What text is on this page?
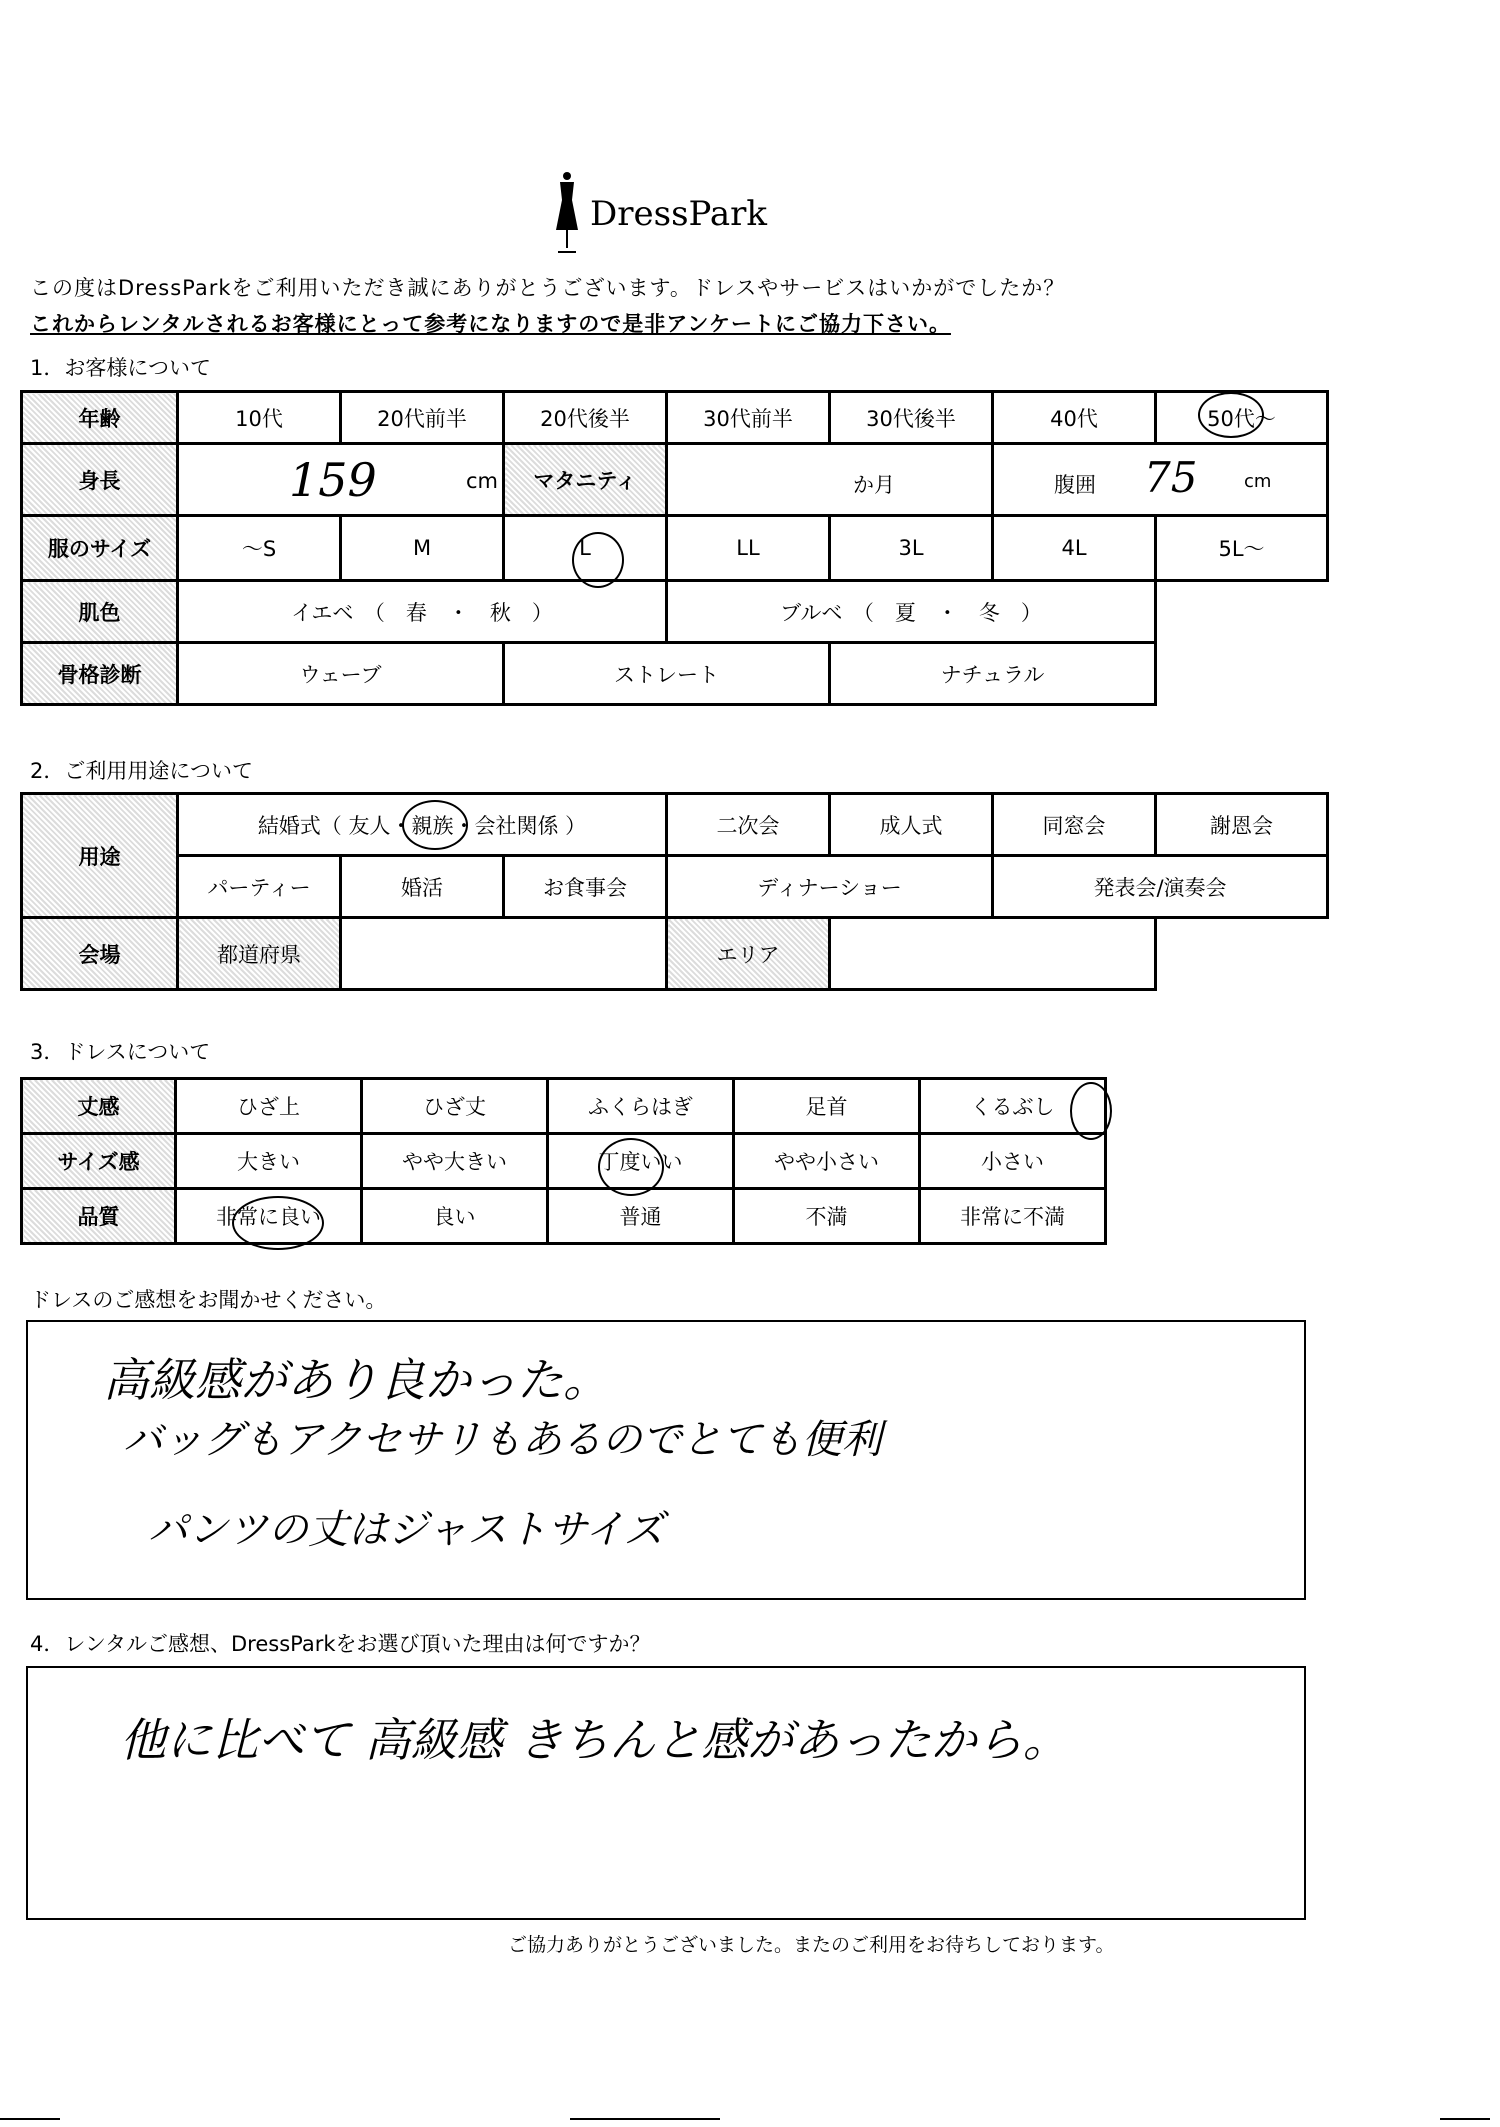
DressPark
この度はDressParkをご利用いただき誠にありがとうございます。ドレスやサービスはいかがでしたか？
これからレンタルされるお客様にとって参考になりますので是非アンケートにご協力下さい。
1．お客様について
年齢	10代	20代前半	20代後半	30代前半	30代後半	40代	50代～
身長	159 cm		マタニティ	か月		腹囲 75 cm	

服のサイズ	～S	M	L	LL	3L	4L	5L～
肌色	イエベ　（　春　・　秋　）			ブルベ　（　夏　・　冬　）			
骨格診断	ウェーブ		ストレート		ナチュラル		
2．ご利用用途について
用途	結婚式（ 友人・親族・会社関係 ）			二次会	成人式	同窓会	謝恩会
	パーティー	婚活	お食事会	ディナーショー		発表会/演奏会	
会場	都道府県			エリア			
3．ドレスについて
丈感	ひざ上	ひざ丈	ふくらはぎ	足首	くるぶし
サイズ感	大きい	やや大きい	丁度いい	やや小さい	小さい
品質	非常に良い	良い	普通	不満	非常に不満
ドレスのご感想をお聞かせください。
高級感があり良かった。
バッグもアクセサリもあるのでとても便利
パンツの丈はジャストサイズ
4．レンタルご感想、DressParkをお選び頂いた理由は何ですか？
他に比べて 高級感 きちんと感があったから。
ご協力ありがとうございました。またのご利用をお待ちしております。
